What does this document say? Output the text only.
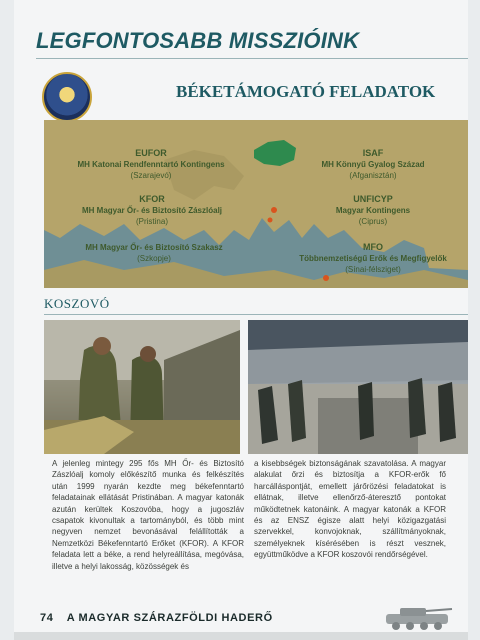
LEGFONTOSABB MISSZIÓINK
BÉKETÁMOGATÓ FELADATOK
EUFOR
MH Katonai Rendfenntartó Kontingens
(Szarajevó)
KFOR
MH Magyar Őr- és Biztosító Zászlóalj
(Pristina)
MH Magyar Őr- és Biztosító Szakasz
(Szkopje)
ISAF
MH Könnyű Gyalog Század
(Afganisztán)
UNFICYP
Magyar Kontingens
(Ciprus)
MFO
Többnemzetiségű Erők és Megfigyelők
(Sínai-félsziget)
KOSZOVÓ

A jelenleg mintegy 295 fős MH Őr- és Biztosító Zászlóalj komoly előkészítő munka és felkészítés után 1999 nyarán kezdte meg békefenntartó feladatainak ellátását Pristinában. A magyar katonák azután kerültek Koszovóba, hogy a jugoszláv csapatok kivonultak a tartományból, és több mint negyven nemzet bevonásával felállították a Nemzetközi Békefenntartó Erőket (KFOR). A KFOR feladata lett a béke, a rend helyreállítása, megóvása, illetve a helyi lakosság, közösségek és

a kisebbségek biztonságának szavatolása. A magyar alakulat őrzi és biztosítja a KFOR-erők fő harcálláspontját, emellett járőrözési feladatokat is ellátnak, illetve ellenőrző-áteresztő pontokat működtetnek katonáink. A magyar katonák a KFOR és az ENSZ égisze alatt helyi közigazgatási szervekkel, konvojoknak, szállítmányoknak, személyeknek kísérésében is részt vesznek, együttműködve a KFOR koszovói rendőrségével.

74 A MAGYAR SZÁRAZFÖLDI HADERŐ
